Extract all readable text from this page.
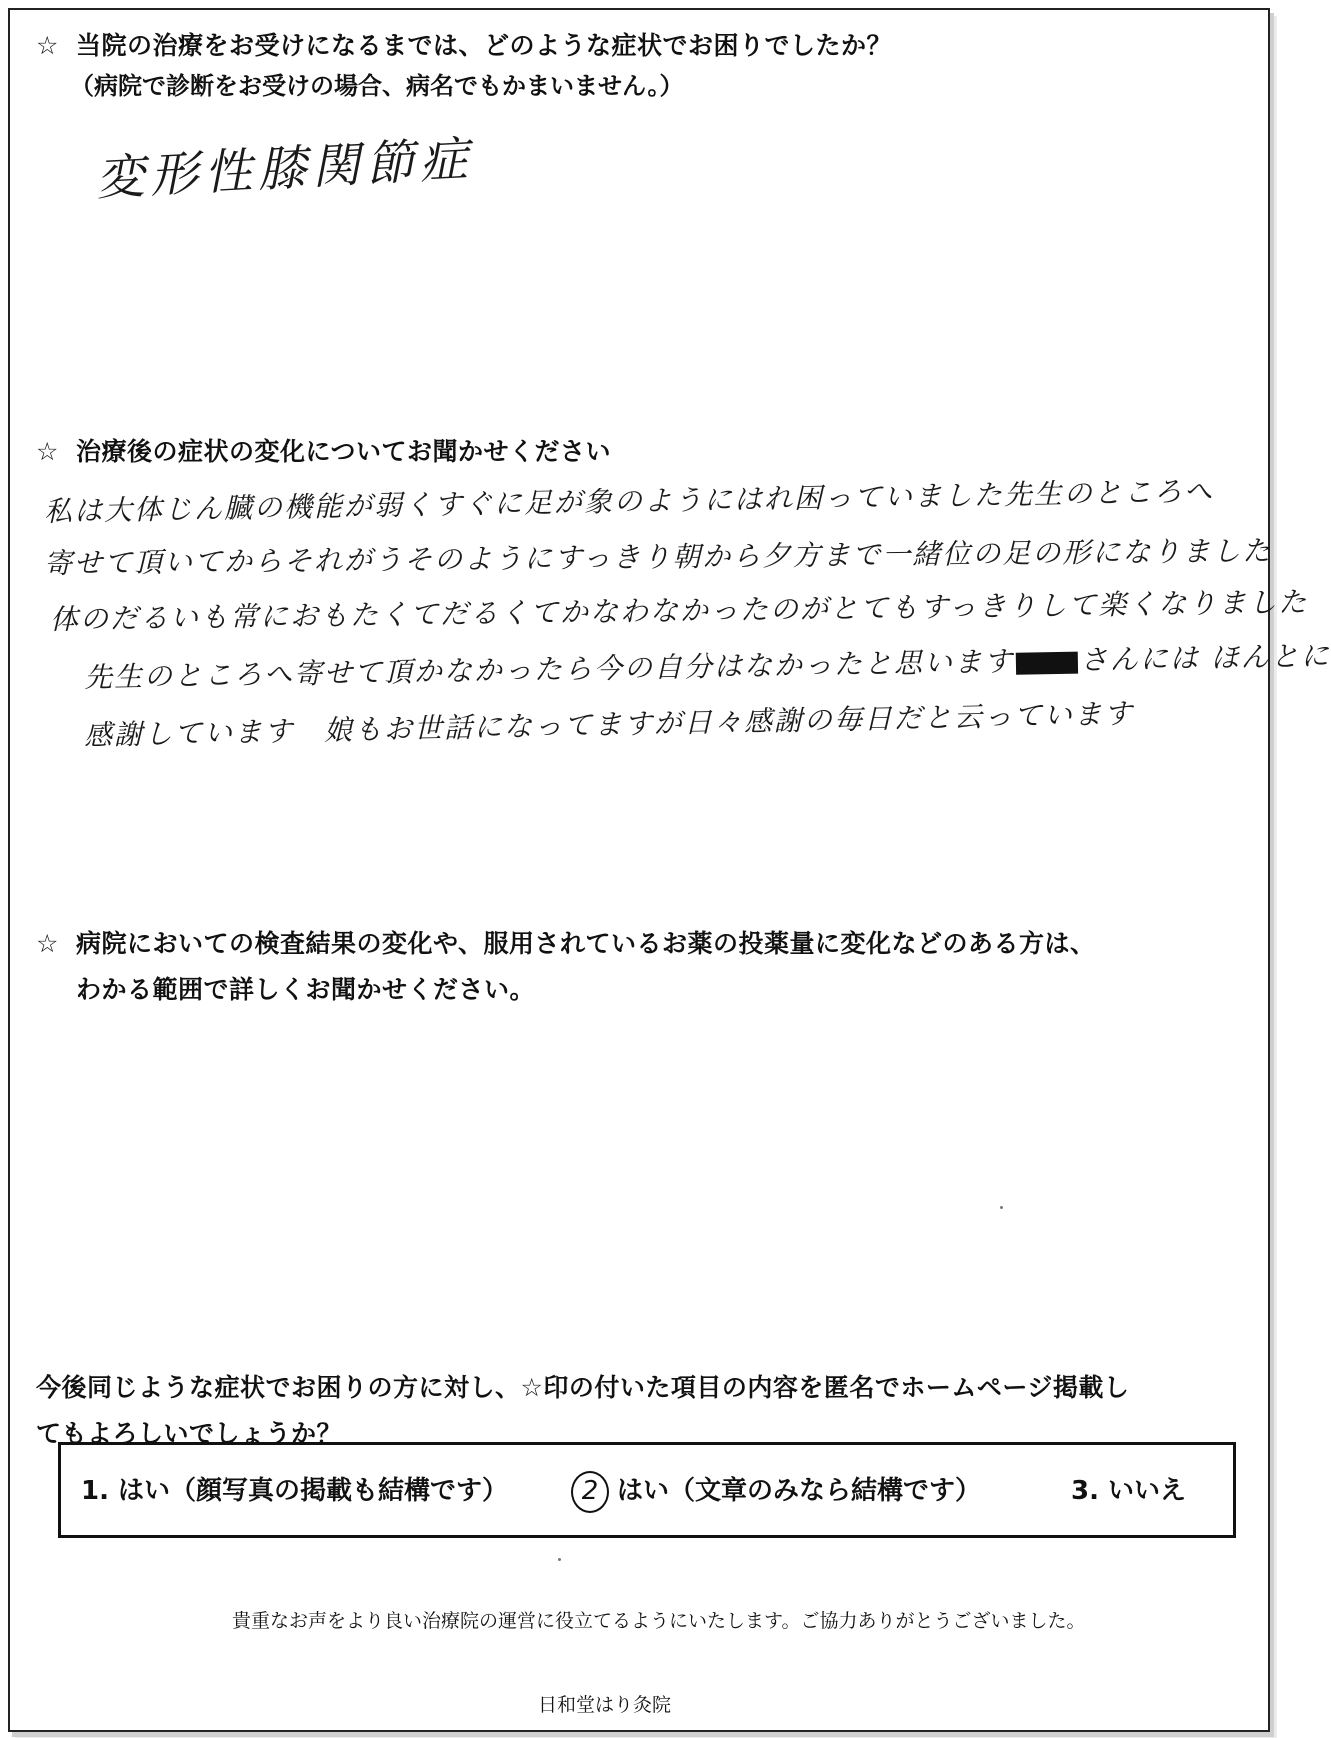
☆ 当院の治療をお受けになるまでは、どのような症状でお困りでしたか？
（病院で診断をお受けの場合、病名でもかまいません。）
変形性膝関節症
☆ 治療後の症状の変化についてお聞かせください
私は大体じん臓の機能が弱くすぐに足が象のようにはれ困っていました先生のところへ
寄せて頂いてからそれがうそのようにすっきり朝から夕方まで一緒位の足の形になりました
体のだるいも常におもたくてだるくてかなわなかったのがとてもすっきりして楽くなりました
先生のところへ寄せて頂かなかったら今の自分はなかったと思います さんには ほんとに
感謝しています　娘もお世話になってますが日々感謝の毎日だと云っています
☆ 病院においての検査結果の変化や、服用されているお薬の投薬量に変化などのある方は、
わかる範囲で詳しくお聞かせください。
今後同じような症状でお困りの方に対し、☆印の付いた項目の内容を匿名でホームページ掲載し
てもよろしいでしょうか？
1. はい（顔写真の掲載も結構です）	2 はい（文章のみなら結構です）	3. いいえ
貴重なお声をより良い治療院の運営に役立てるようにいたします。ご協力ありがとうございました。
日和堂はり灸院
